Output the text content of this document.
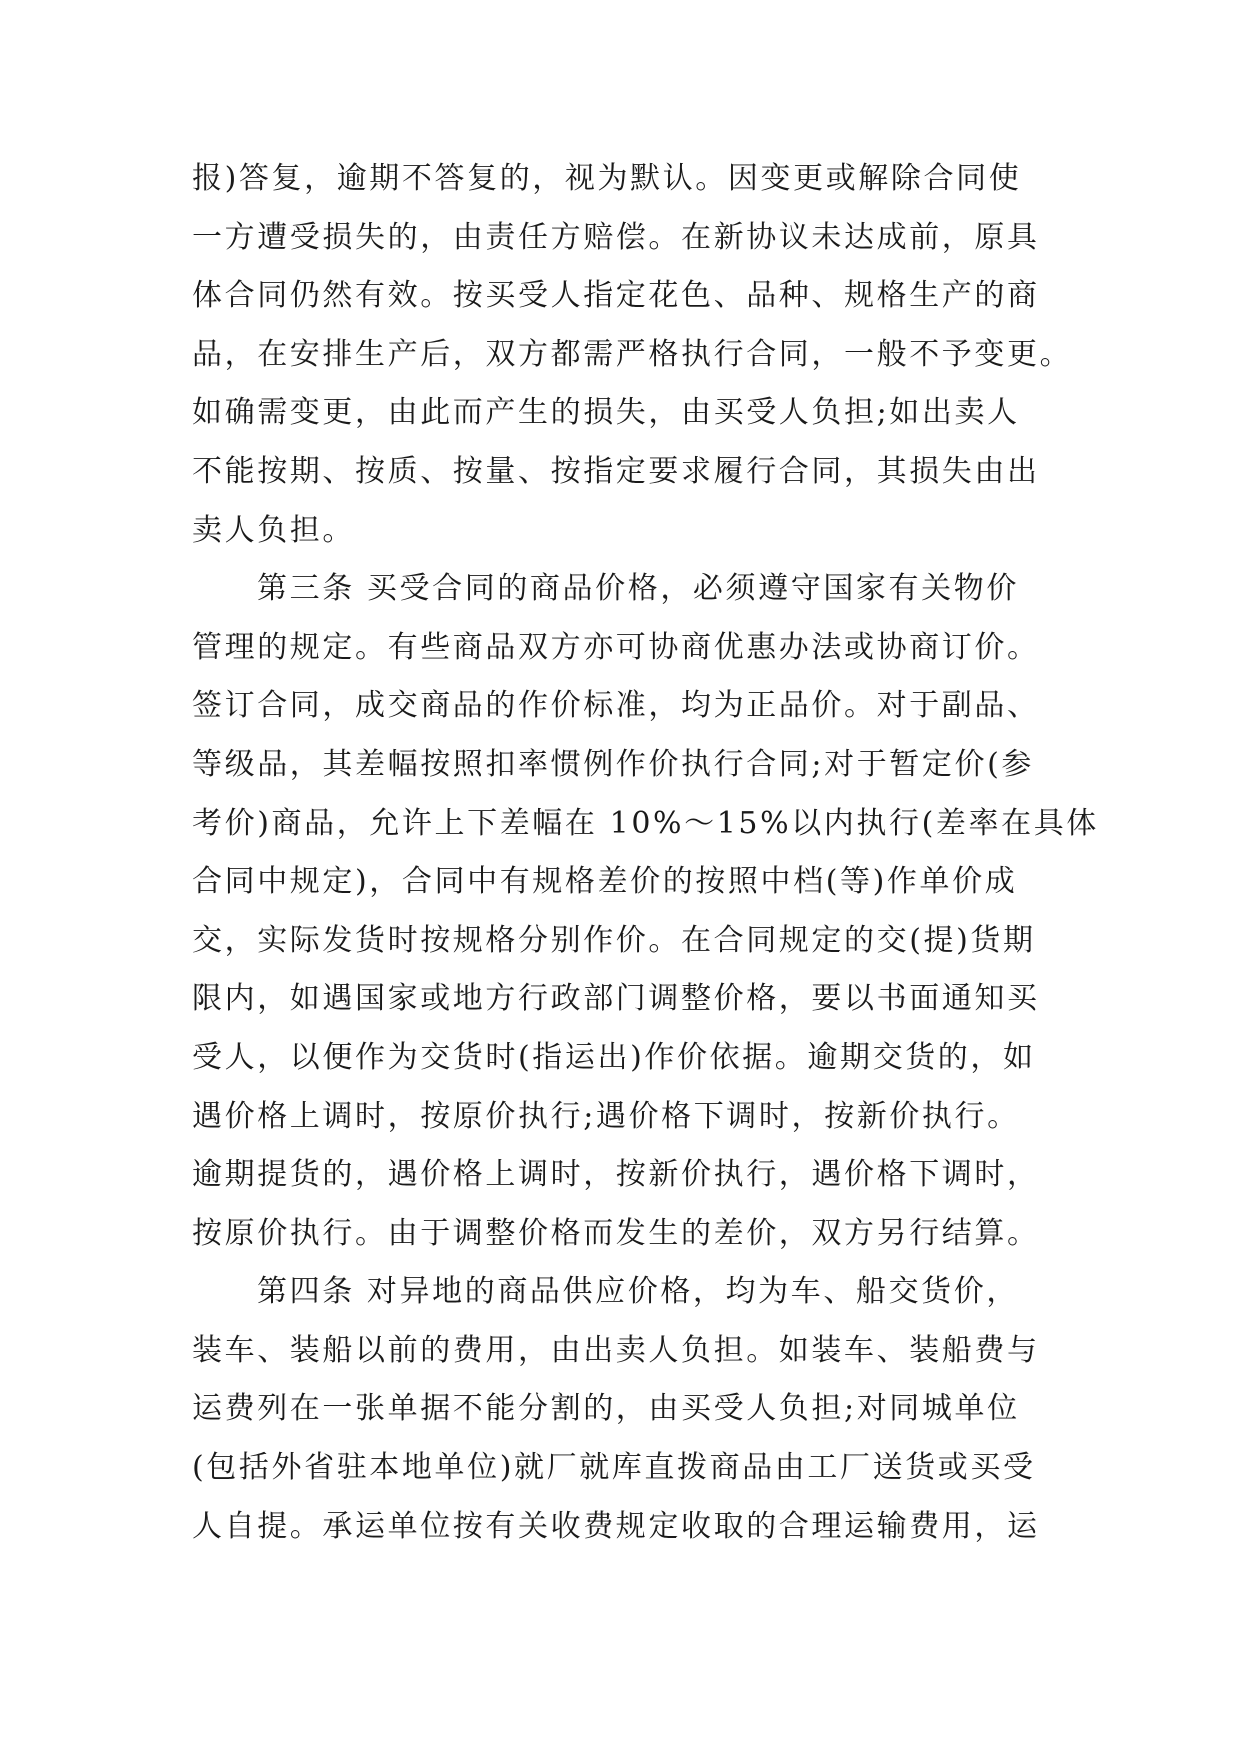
报)答复，逾期不答复的，视为默认。因变更或解除合同使
一方遭受损失的，由责任方赔偿。在新协议未达成前，原具
体合同仍然有效。按买受人指定花色、品种、规格生产的商
品，在安排生产后，双方都需严格执行合同，一般不予变更。
如确需变更，由此而产生的损失，由买受人负担;如出卖人
不能按期、按质、按量、按指定要求履行合同，其损失由出
卖人负担。
第三条 买受合同的商品价格，必须遵守国家有关物价
管理的规定。有些商品双方亦可协商优惠办法或协商订价。
签订合同，成交商品的作价标准，均为正品价。对于副品、
等级品，其差幅按照扣率惯例作价执行合同;对于暂定价(参
考价)商品，允许上下差幅在 10%～15%以内执行(差率在具体
合同中规定)，合同中有规格差价的按照中档(等)作单价成
交，实际发货时按规格分别作价。在合同规定的交(提)货期
限内，如遇国家或地方行政部门调整价格，要以书面通知买
受人，以便作为交货时(指运出)作价依据。逾期交货的，如
遇价格上调时，按原价执行;遇价格下调时，按新价执行。
逾期提货的，遇价格上调时，按新价执行，遇价格下调时，
按原价执行。由于调整价格而发生的差价，双方另行结算。
第四条 对异地的商品供应价格，均为车、船交货价，
装车、装船以前的费用，由出卖人负担。如装车、装船费与
运费列在一张单据不能分割的，由买受人负担;对同城单位
(包括外省驻本地单位)就厂就库直拨商品由工厂送货或买受
人自提。承运单位按有关收费规定收取的合理运输费用，运
